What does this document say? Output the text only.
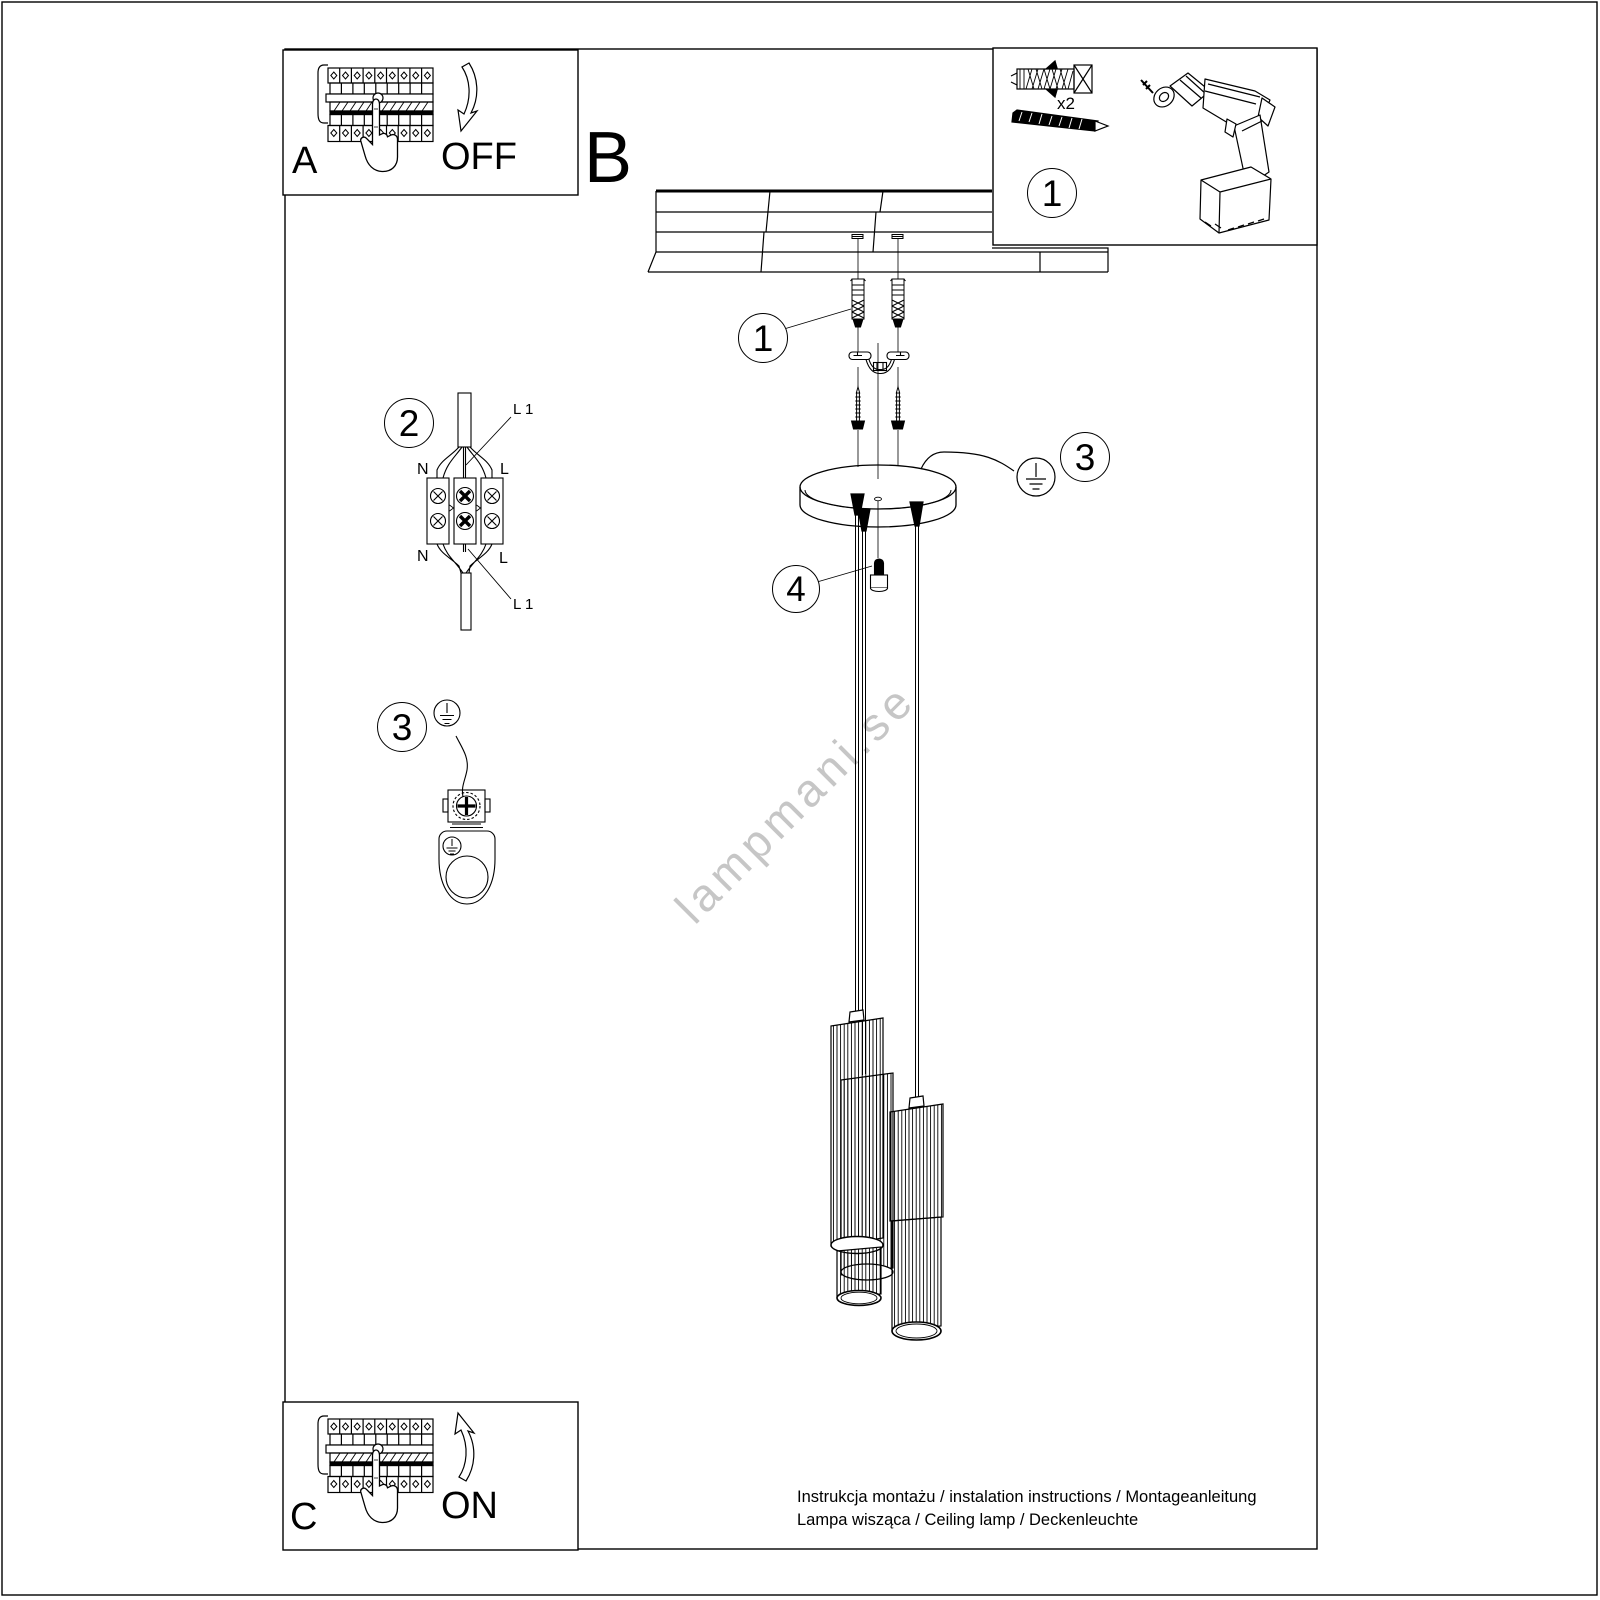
lampmani.se
A	OFF B
C	ON
x2
1
1
2
3
3
4
N	L
N	L
L 1
L 1
Instrukcja montażu / instalation instructions / Montageanleitung
Lampa wisząca / Ceiling lamp / Deckenleuchte
